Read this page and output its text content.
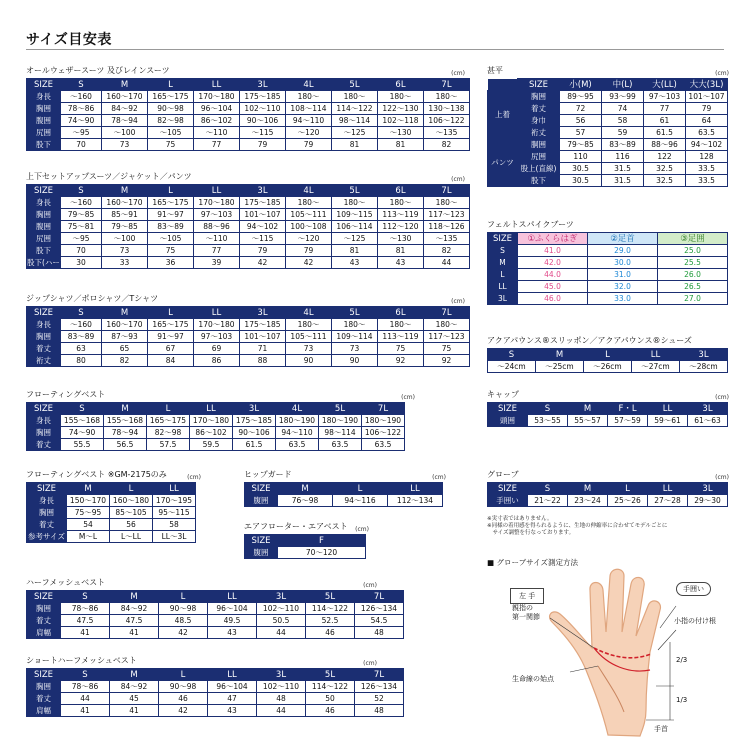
サイズ目安表
オールウェザースーツ 及びレインスーツ	(cm)
SIZE	S	M	L	LL	3L	4L	5L	6L	7L
身長	～160	160～170	165～175	170～180	175～185	180～	180～	180～	180～
胸囲	78～86	84～92	90～98	96～104	102～110	108～114	114～122	122～130	130～138
腹囲	74～90	78～94	82～98	86～102	90～106	94～110	98～114	102～118	106～122
尻囲	～95	～100	～105	～110	～115	～120	～125	～130	～135
股下	70	73	75	77	79	79	81	81	82
上下セットアップスーツ／ジャケット／パンツ	(cm)
SIZE	S	M	L	LL	3L	4L	5L	6L	7L
身長	～160	160～170	165～175	170～180	175～185	180～	180～	180～	180～
胸囲	79～85	85～91	91～97	97～103	101～107	105～111	109～115	113～119	117～123
腹囲	75～81	79～85	83～89	88～96	94～102	100～108	106～114	112～120	118～126
尻囲	～95	～100	～105	～110	～115	～120	～125	～130	～135
股下	70	73	75	77	79	79	81	81	82
股下(ハーフ)	30	33	36	39	42	42	43	43	44
ジップシャツ／ポロシャツ／Tシャツ	(cm)
SIZE	S	M	L	LL	3L	4L	5L	6L	7L
身長	～160	160～170	165～175	170～180	175～185	180～	180～	180～	180～
胸囲	83～89	87～93	91～97	97～103	101～107	105～111	109～114	113～119	117～123
着丈	63	65	67	69	71	73	73	75	75
裄丈	80	82	84	86	88	90	90	92	92
フローティングベスト	(cm)
SIZE	S	M	L	LL	3L	4L	5L	7L
身長	155～168	155～168	165～175	170～180	175～185	180～190	180～190	180～190
胸囲	74～90	78～94	82～98	86～102	90～106	94～110	98～114	106～122
着丈	55.5	56.5	57.5	59.5	61.5	63.5	63.5	63.5
フローティングベスト ※GM-2175のみ	(cm)
SIZE	M	L	LL
身長	150～170	160～180	170～195
胸囲	75～95	85～105	95～115
着丈	54	56	58
参考サイズ	M～L	L～LL	LL～3L
ヒップガード	(cm)
SIZE	M	L	LL
腹囲	76～98	94～116	112～134
エアフローター・エアベスト	(cm)
SIZE	F
腹囲	70～120
ハーフメッシュベスト	(cm)
SIZE	S	M	L	LL	3L	5L	7L
胸囲	78～86	84～92	90～98	96～104	102～110	114～122	126～134
着丈	47.5	47.5	48.5	49.5	50.5	52.5	54.5
肩幅	41	41	42	43	44	46	48
ショートハーフメッシュベスト	(cm)
SIZE	S	M	L	LL	3L	5L	7L
胸囲	78～86	84～92	90～98	96～104	102～110	114～122	126～134
着丈	44	45	46	47	48	50	52
肩幅	41	41	42	43	44	46	48
甚平	(cm)
	SIZE	小(M)	中(L)	大(LL)	大大(3L)
上着	胸囲	89～95	93～99	97～103	101～107
	着丈	72	74	77	79
	身巾	56	58	61	64
	裄丈	57	59	61.5	63.5
パンツ	胴囲	79～85	83～89	88～96	94～102
	尻囲	110	116	122	128
	股上(直線)	30.5	31.5	32.5	33.5
	股下	30.5	31.5	32.5	33.5
フェルトスパイクブーツ
SIZE	①ふくらはぎ	②足首	③足囲
S	41.0	29.0	25.0
M	42.0	30.0	25.5
L	44.0	31.0	26.0
LL	45.0	32.0	26.5
3L	46.0	33.0	27.0
アクアパウンス®スリッポン／アクアパウンス®シューズ
S	M	L	LL	3L
～24cm	～25cm	～26cm	～27cm	～28cm
キャップ	(cm)
SIZE	S	M	F・L	LL	3L
頭囲	53～55	55～57	57～59	59～61	61～63
グローブ	(cm)
SIZE	S	M	L	LL	3L
手囲い	21～22	23～24	25～26	27～28	29～30
※実寸表ではありません。
※同様の着用感を得られるように、生地の伸縮率に合わせてモデルごとに
　サイズ調整を行なっております。
■ グローブサイズ測定方法
左 手
親指の
第一関節
手囲い
小指の付け根
2/3
1/3
生命線の始点
手首
